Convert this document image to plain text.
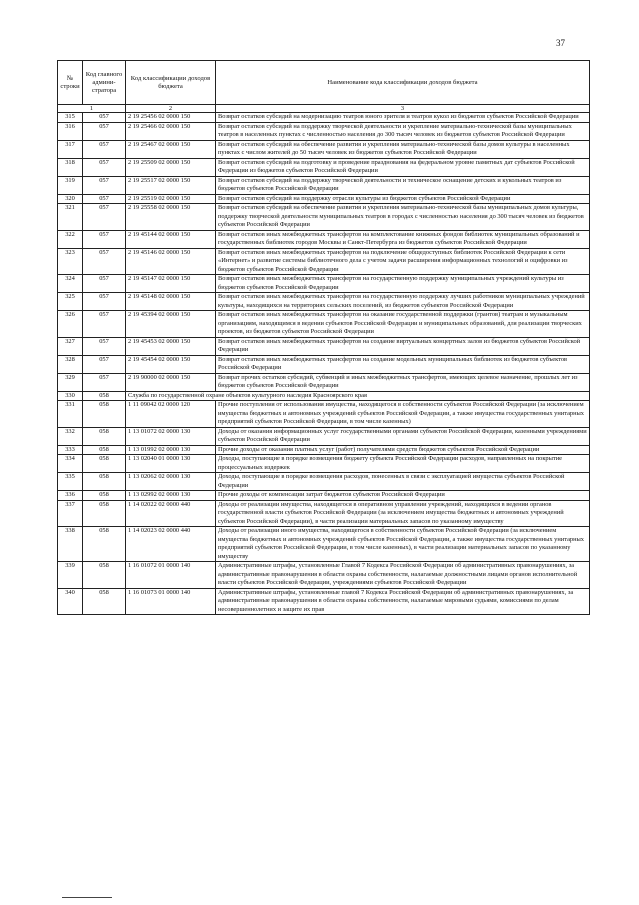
37
№ строки	Код главного админи-стратора	Код классификации доходов бюджета	Наименование кода классификации доходов бюджета
1		2	3
315	057	2 19 25456 02 0000 150	Возврат остатков субсидий на модернизацию театров юного зрителя и театров кукол из бюджетов субъектов Российской Федерации
316	057	2 19 25466 02 0000 150	Возврат остатков субсидий на поддержку творческой деятельности и укрепление материально-технической базы муниципальных театров в населенных пунктах с численностью населения до 300 тысяч человек из бюджетов субъектов Российской Федерации
317	057	2 19 25467 02 0000 150	Возврат остатков субсидий на обеспечение развития и укрепления материально-технической базы домов культуры в населенных пунктах с числом жителей до 50 тысяч человек из бюджетов субъектов Российской Федерации
318	057	2 19 25509 02 0000 150	Возврат остатков субсидий на подготовку и проведение празднования на федеральном уровне памятных дат субъектов Российской Федерации из бюджетов субъектов Российской Федерации
319	057	2 19 25517 02 0000 150	Возврат остатков субсидий на поддержку творческой деятельности и техническое оснащение детских и кукольных театров из бюджетов субъектов Российской Федерации
320	057	2 19 25519 02 0000 150	Возврат остатков субсидий на поддержку отрасли культуры из бюджетов субъектов Российской Федерации
321	057	2 19 25558 02 0000 150	Возврат остатков субсидий на обеспечение развития и укрепления материально-технической базы муниципальных домов культуры, поддержку творческой деятельности муниципальных театров в городах с численностью населения до 300 тысяч человек из бюджетов субъектов Российской Федерации
322	057	2 19 45144 02 0000 150	Возврат остатков иных межбюджетных трансфертов на комплектование книжных фондов библиотек муниципальных образований и государственных библиотек городов Москвы и Санкт-Петербурга из бюджетов субъектов Российской Федерации
323	057	2 19 45146 02 0000 150	Возврат остатков иных межбюджетных трансфертов на подключение общедоступных библиотек Российской Федерации к сети «Интернет» и развитие системы библиотечного дела с учетом задачи расширения информационных технологий и оцифровки из бюджетов субъектов Российской Федерации
324	057	2 19 45147 02 0000 150	Возврат остатков иных межбюджетных трансфертов на государственную поддержку муниципальных учреждений культуры из бюджетов субъектов Российской Федерации
325	057	2 19 45148 02 0000 150	Возврат остатков иных межбюджетных трансфертов на государственную поддержку лучших работников муниципальных учреждений культуры, находящихся на территориях сельских поселений, из бюджетов субъектов Российской Федерации
326	057	2 19 45394 02 0000 150	Возврат остатков иных межбюджетных трансфертов на оказание государственной поддержки (грантов) театрам и музыкальным организациям, находящимся в ведении субъектов Российской Федерации и муниципальных образований, для реализации творческих проектов, из бюджетов субъектов Российской Федерации
327	057	2 19 45453 02 0000 150	Возврат остатков иных межбюджетных трансфертов на создание виртуальных концертных залов из бюджетов субъектов Российской Федерации
328	057	2 19 45454 02 0000 150	Возврат остатков иных межбюджетных трансфертов на создание модельных муниципальных библиотек из бюджетов субъектов Российской Федерации
329	057	2 19 90000 02 0000 150	Возврат прочих остатков субсидий, субвенций и иных межбюджетных трансфертов, имеющих целевое назначение, прошлых лет из бюджетов субъектов Российской Федерации
330	058	Служба по государственной охране объектов культурного наследия Красноярского края	
331	058	1 11 09042 02 0000 120	Прочие поступления от использования имущества, находящегося в собственности субъектов Российской Федерации (за исключением имущества бюджетных и автономных учреждений субъектов Российской Федерации, а также имущества государственных унитарных предприятий субъектов Российской Федерации, в том числе казенных)
332	058	1 13 01072 02 0000 130	Доходы от оказания информационных услуг государственными органами субъектов Российской Федерации, казенными учреждениями субъектов Российской Федерации
333	058	1 13 01992 02 0000 130	Прочие доходы от оказания платных услуг (работ) получателями средств бюджетов субъектов Российской Федерации
334	058	1 13 02040 01 0000 130	Доходы, поступающие в порядке возмещения бюджету субъекта Российской Федерации расходов, направленных на покрытие процессуальных издержек
335	058	1 13 02062 02 0000 130	Доходы, поступающие в порядке возмещения расходов, понесенных в связи с эксплуатацией имущества субъектов Российской Федерации
336	058	1 13 02992 02 0000 130	Прочие доходы от компенсации затрат бюджетов субъектов Российской Федерации
337	058	1 14 02022 02 0000 440	Доходы от реализации имущества, находящегося в оперативном управлении учреждений, находящихся в ведении органов государственной власти субъектов Российской Федерации (за исключением имущества бюджетных и автономных учреждений субъектов Российской Федерации), в части реализации материальных запасов по указанному имуществу
338	058	1 14 02023 02 0000 440	Доходы от реализации иного имущества, находящегося в собственности субъектов Российской Федерации (за исключением имущества бюджетных и автономных учреждений субъектов Российской Федерации, а также имущества государственных унитарных предприятий субъектов Российской Федерации, в том числе казенных), в части реализации материальных запасов по указанному имуществу
339	058	1 16 01072 01 0000 140	Административные штрафы, установленные Главой 7 Кодекса Российской Федерации об административных правонарушениях, за административные правонарушения в области охраны собственности, налагаемые должностными лицами органов исполнительной власти субъектов Российской Федерации, учреждениями субъектов Российской Федерации
340	058	1 16 01073 01 0000 140	Административные штрафы, установленные главой 7 Кодекса Российской Федерации об административных правонарушениях, за административные правонарушения в области охраны собственности, налагаемые мировыми судьями, комиссиями по делам несовершеннолетних и защите их прав
